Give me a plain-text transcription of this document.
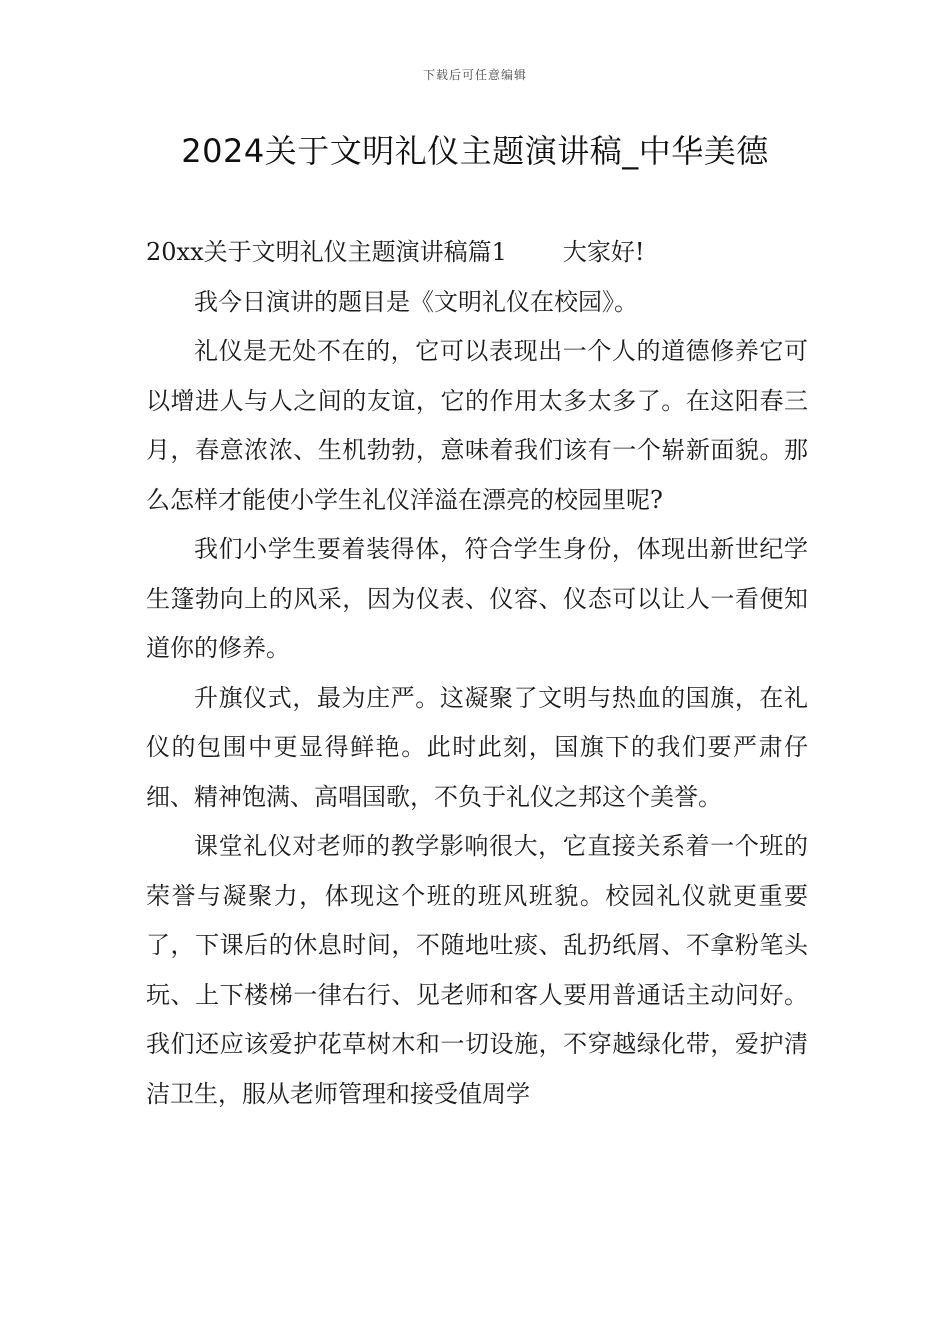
下载后可任意编辑
2024关于文明礼仪主题演讲稿_中华美德

20xx关于文明礼仪主题演讲稿篇1 大家好!

我今日演讲的题目是《文明礼仪在校园》。

礼仪是无处不在的，它可以表现出一个人的道德修养它可以增进人与人之间的友谊，它的作用太多太多了。在这阳春三月，春意浓浓、生机勃勃，意味着我们该有一个崭新面貌。那么怎样才能使小学生礼仪洋溢在漂亮的校园里呢?

我们小学生要着装得体，符合学生身份，体现出新世纪学生篷勃向上的风采，因为仪表、仪容、仪态可以让人一看便知道你的修养。

升旗仪式，最为庄严。这凝聚了文明与热血的国旗，在礼仪的包围中更显得鲜艳。此时此刻，国旗下的我们要严肃仔细、精神饱满、高唱国歌，不负于礼仪之邦这个美誉。

课堂礼仪对老师的教学影响很大，它直接关系着一个班的荣誉与凝聚力，体现这个班的班风班貌。校园礼仪就更重要了，下课后的休息时间，不随地吐痰、乱扔纸屑、不拿粉笔头玩、上下楼梯一律右行、见老师和客人要用普通话主动问好。我们还应该爱护花草树木和一切设施，不穿越绿化带，爱护清洁卫生，服从老师管理和接受值周学
